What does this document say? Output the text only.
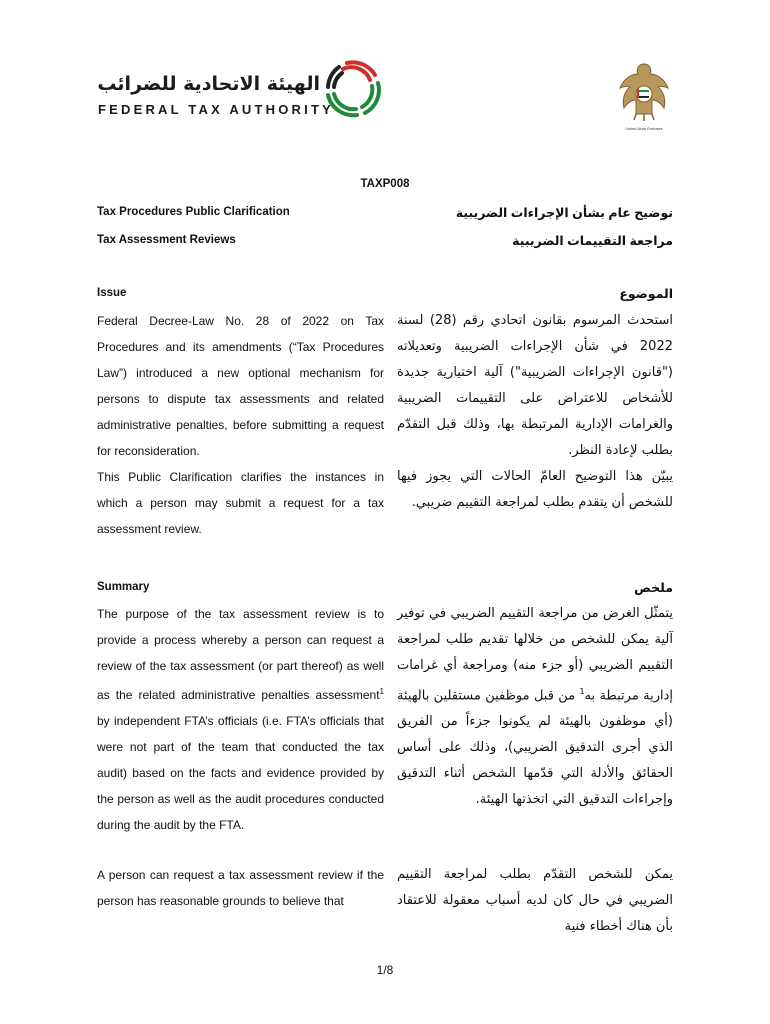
الهيئة الاتحادية للضرائب
FEDERAL TAX AUTHORITY
United Arab Emirates
TAXP008
Tax Procedures Public Clarification	توضيح عام بشأن الإجراءات الضريبية
Tax Assessment Reviews	مراجعة التقييمات الضريبية
Issue	الموضوع
Federal Decree-Law No. 28 of 2022 on Tax Procedures and its amendments (“Tax Procedures Law”) introduced a new optional mechanism for persons to dispute tax assessments and related administrative penalties, before submitting a request for reconsideration.
استحدث المرسوم بقانون اتحادي رقم (28) لسنة 2022 في شأن الإجراءات الضريبية وتعديلاته ("قانون الإجراءات الضريبية") آلية اختيارية جديدة للأشخاص للاعتراض على التقييمات الضريبية والغرامات الإدارية المرتبطة بها، وذلك قبل التقدّم بطلب لإعادة النظر.
This Public Clarification clarifies the instances in which a person may submit a request for a tax assessment review.
يبيّن هذا التوضيح العامّ الحالات التي يجوز فيها للشخص أن يتقدم بطلب لمراجعة التقييم ضريبي.
Summary	ملخص
The purpose of the tax assessment review is to provide a process whereby a person can request a review of the tax assessment (or part thereof) as well as the related administrative penalties assessment$^1$ by independent FTA’s officials (i.e. FTA’s officials that were not part of the team that conducted the tax audit) based on the facts and evidence provided by the person as well as the audit procedures conducted during the audit by the FTA.
يتمثّل الغرض من مراجعة التقييم الضريبي في توفير آلية يمكن للشخص من خلالها تقديم طلب لمراجعة التقييم الضريبي (أو جزء منه) ومراجعة أي غرامات إدارية مرتبطة به$^1$ من قبل موظفين مستقلين بالهيئة (أي موظفون بالهيئة لم يكونوا جزءاً من الفريق الذي أجرى التدقيق الضريبي)، وذلك على أساس الحقائق والأدلة التي قدّمها الشخص أثناء التدقيق وإجراءات التدقيق التي اتخذتها الهيئة.
A person can request a tax assessment review if the person has reasonable grounds to believe that
يمكن للشخص التقدّم بطلب لمراجعة التقييم الضريبي في حال كان لديه أسباب معقولة للاعتقاد بأن هناك أخطاء فنية
1/8
